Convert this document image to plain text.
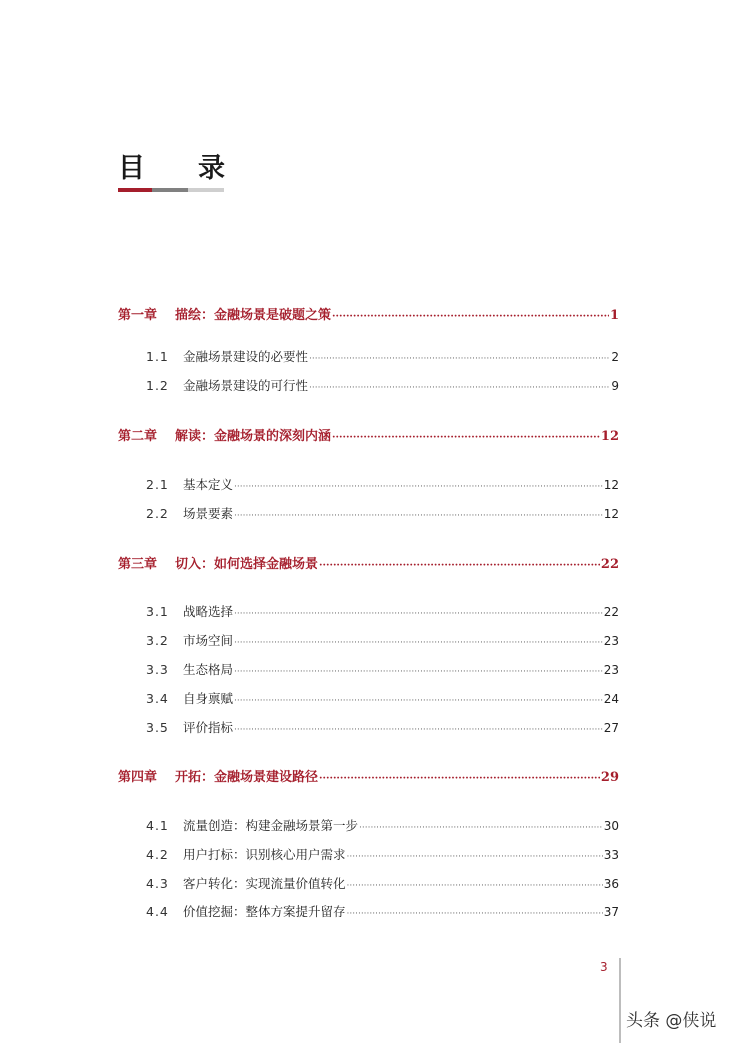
目 录
第一章	描绘：金融场景是破题之策 ·····	1
1.1	金融场景建设的必要性 ·····	2
1.2	金融场景建设的可行性 ·····	9
第二章	解读：金融场景的深刻内涵 ·····	12
2.1	基本定义 ·····	12
2.2	场景要素 ·····	12
第三章	切入：如何选择金融场景 ·····	22
3.1	战略选择 ·····	22
3.2	市场空间 ·····	23
3.3	生态格局 ·····	23
3.4	自身禀赋 ·····	24
3.5	评价指标 ·····	27
第四章	开拓：金融场景建设路径 ·····	29
4.1	流量创造：构建金融场景第一步 ·····	30
4.2	用户打标：识别核心用户需求 ·····	33
4.3	客户转化：实现流量价值转化 ·····	36
4.4	价值挖掘：整体方案提升留存 ·····	37
3
头条 @侠说
